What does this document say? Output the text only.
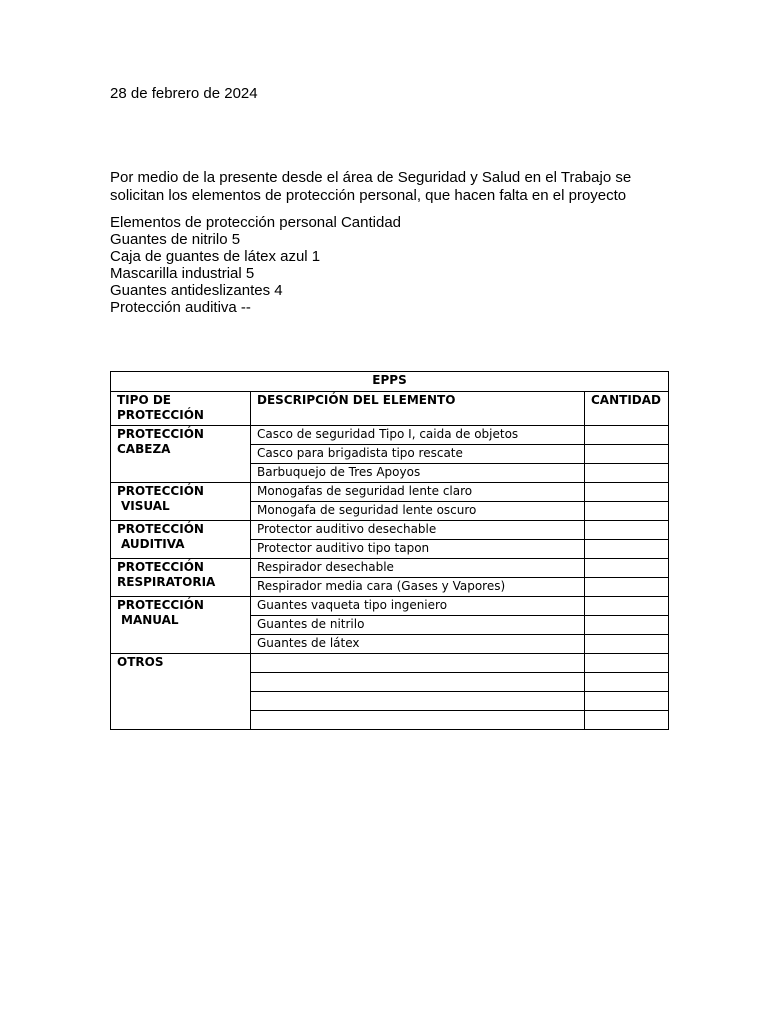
28 de febrero de 2024

Por medio de la presente desde el área de Seguridad y Salud en el Trabajo se

solicitan los elementos de protección personal, que hacen falta en el proyecto

Elementos de protección personal Cantidad
Guantes de nitrilo 5
Caja de guantes de látex azul 1
Mascarilla industrial 5
Guantes antideslizantes 4
Protección auditiva --
EPPS		
TIPO DE
PROTECCIÓN	DESCRIPCIÓN DEL ELEMENTO	CANTIDAD
PROTECCIÓN
CABEZA	Casco de seguridad Tipo I, caida de objetos	
	Casco para brigadista tipo rescate	
	Barbuquejo de Tres Apoyos	
PROTECCIÓN
VISUAL	Monogafas de seguridad lente claro	
	Monogafa de seguridad lente oscuro	
PROTECCIÓN
AUDITIVA	Protector auditivo desechable	
	Protector auditivo tipo tapon	
PROTECCIÓN
RESPIRATORIA	Respirador desechable	
	Respirador media cara (Gases y Vapores)	
PROTECCIÓN
MANUAL	Guantes vaqueta tipo ingeniero	
	Guantes de nitrilo	
	Guantes de látex	
OTROS		
